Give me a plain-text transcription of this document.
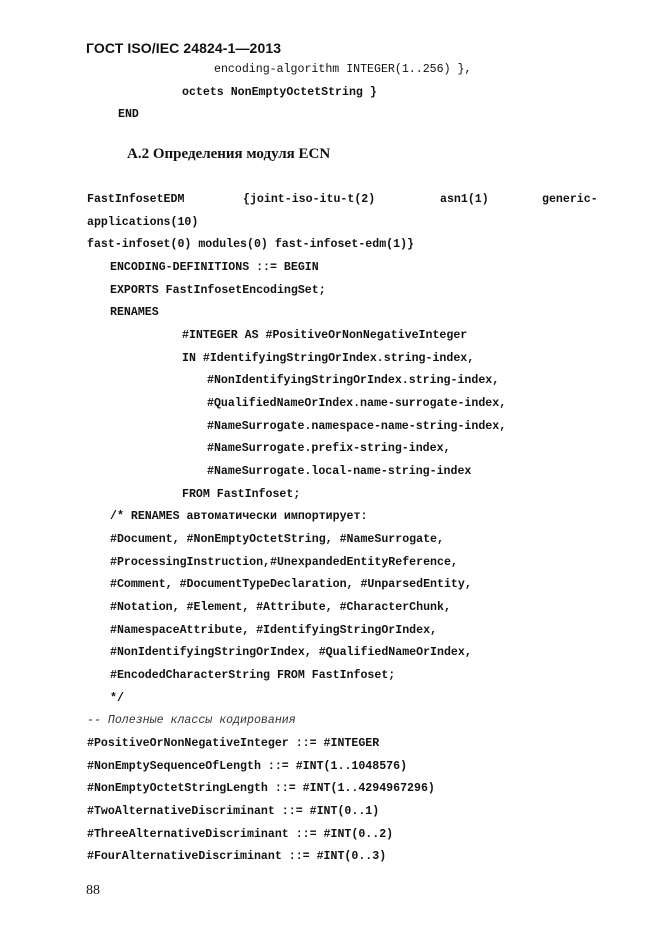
ГОСТ ISO/IEC 24824-1—2013
encoding-algorithm INTEGER(1..256) },
octets NonEmptyOctetString }
END
А.2 Определения модуля ECN
FastInfosetEDM	{joint-iso-itu-t(2)	asn1(1)	generic-
applications(10)
fast-infoset(0) modules(0) fast-infoset-edm(1)}
ENCODING-DEFINITIONS ::= BEGIN
EXPORTS FastInfosetEncodingSet;
RENAMES
#INTEGER AS #PositiveOrNonNegativeInteger
IN #IdentifyingStringOrIndex.string-index,
#NonIdentifyingStringOrIndex.string-index,
#QualifiedNameOrIndex.name-surrogate-index,
#NameSurrogate.namespace-name-string-index,
#NameSurrogate.prefix-string-index,
#NameSurrogate.local-name-string-index
FROM FastInfoset;
/* RENAMES автоматически импортирует:
#Document, #NonEmptyOctetString, #NameSurrogate,
#ProcessingInstruction,#UnexpandedEntityReference,
#Comment, #DocumentTypeDeclaration, #UnparsedEntity,
#Notation, #Element, #Attribute, #CharacterChunk,
#NamespaceAttribute, #IdentifyingStringOrIndex,
#NonIdentifyingStringOrIndex, #QualifiedNameOrIndex,
#EncodedCharacterString FROM FastInfoset;
*/
-- Полезные классы кодирования
#PositiveOrNonNegativeInteger ::= #INTEGER
#NonEmptySequenceOfLength ::= #INT(1..1048576)
#NonEmptyOctetStringLength ::= #INT(1..4294967296)
#TwoAlternativeDiscriminant ::= #INT(0..1)
#ThreeAlternativeDiscriminant ::= #INT(0..2)
#FourAlternativeDiscriminant ::= #INT(0..3)
88
